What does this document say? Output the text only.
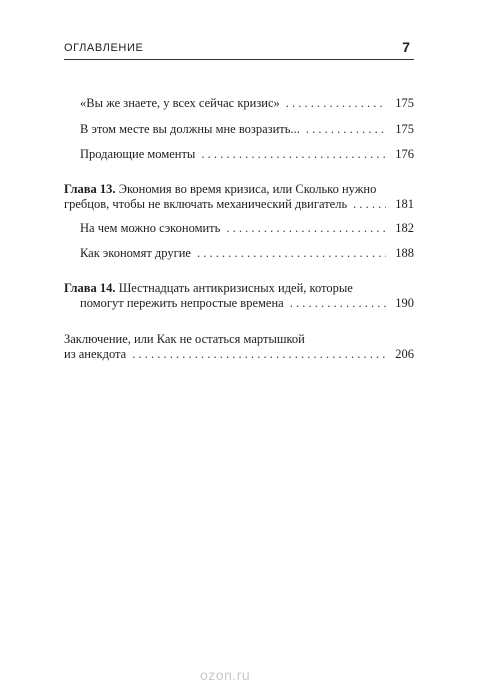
ОГЛАВЛЕНИЕ	7
«Вы же знаете, у всех сейчас кризис» . . .	175
В этом месте вы должны мне возразить... . . .	175
Продающие моменты . . .	176
Глава 13. Экономия во время кризиса, или Сколько нужно
гребцов, чтобы не включать механический двигатель . . .	181
На чем можно сэкономить . . .	182
Как экономят другие . . .	188
Глава 14. Шестнадцать антикризисных идей, которые
помогут пережить непростые времена . . .	190
Заключение, или Как не остаться мартышкой
из анекдота . . .	206
ozon.ru
